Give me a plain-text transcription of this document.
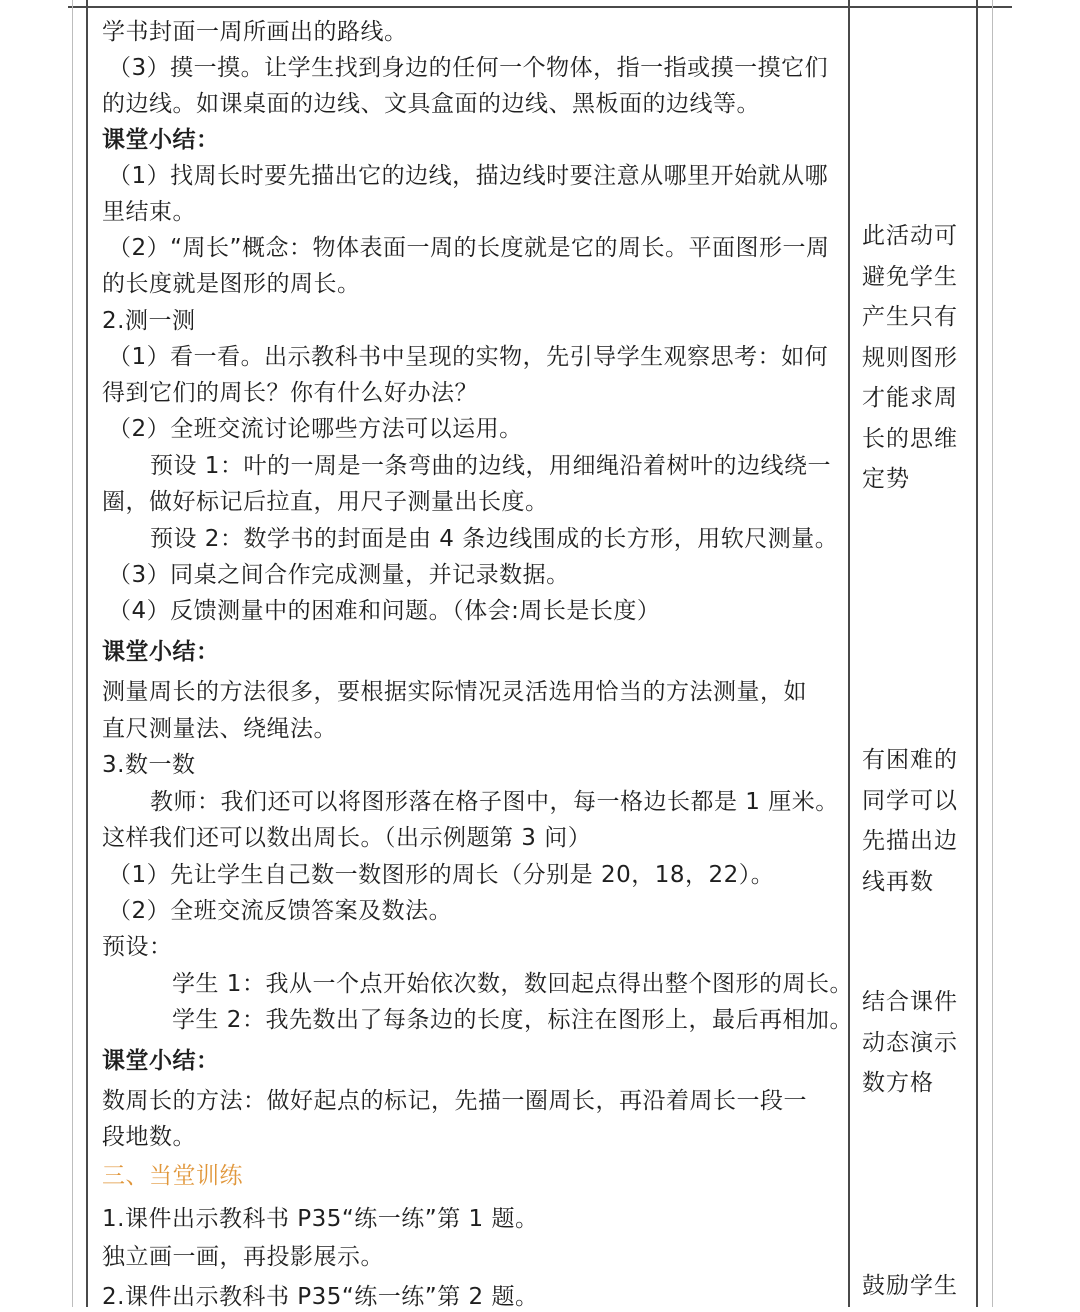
学书封面一周所画出的路线。
（3）摸一摸。让学生找到身边的任何一个物体，指一指或摸一摸它们
的边线。如课桌面的边线、文具盒面的边线、黑板面的边线等。
课堂小结：
（1）找周长时要先描出它的边线，描边线时要注意从哪里开始就从哪
里结束。
（2）“周长”概念：物体表面一周的长度就是它的周长。平面图形一周
的长度就是图形的周长。
2.测一测
（1）看一看。出示教科书中呈现的实物，先引导学生观察思考：如何
得到它们的周长？你有什么好办法？
（2）全班交流讨论哪些方法可以运用。
预设 1：叶的一周是一条弯曲的边线，用细绳沿着树叶的边线绕一
圈，做好标记后拉直，用尺子测量出长度。
预设 2：数学书的封面是由 4 条边线围成的长方形，用软尺测量。
（3）同桌之间合作完成测量，并记录数据。
（4）反馈测量中的困难和问题。（体会:周长是长度）
课堂小结：
测量周长的方法很多，要根据实际情况灵活选用恰当的方法测量，如
直尺测量法、绕绳法。
3.数一数
教师：我们还可以将图形落在格子图中，每一格边长都是 1 厘米。
这样我们还可以数出周长。（出示例题第 3 问）
（1）先让学生自己数一数图形的周长（分别是 20，18，22）。
（2）全班交流反馈答案及数法。
预设：
学生 1：我从一个点开始依次数，数回起点得出整个图形的周长。
学生 2：我先数出了每条边的长度，标注在图形上，最后再相加。
课堂小结：
数周长的方法：做好起点的标记，先描一圈周长，再沿着周长一段一
段地数。
三、当堂训练
1.课件出示教科书 P35“练一练”第 1 题。
独立画一画，再投影展示。
2.课件出示教科书 P35“练一练”第 2 题。
此活动可
避免学生
产生只有
规则图形
才能求周
长的思维
定势
有困难的
同学可以
先描出边
线再数
结合课件
动态演示
数方格
鼓励学生
